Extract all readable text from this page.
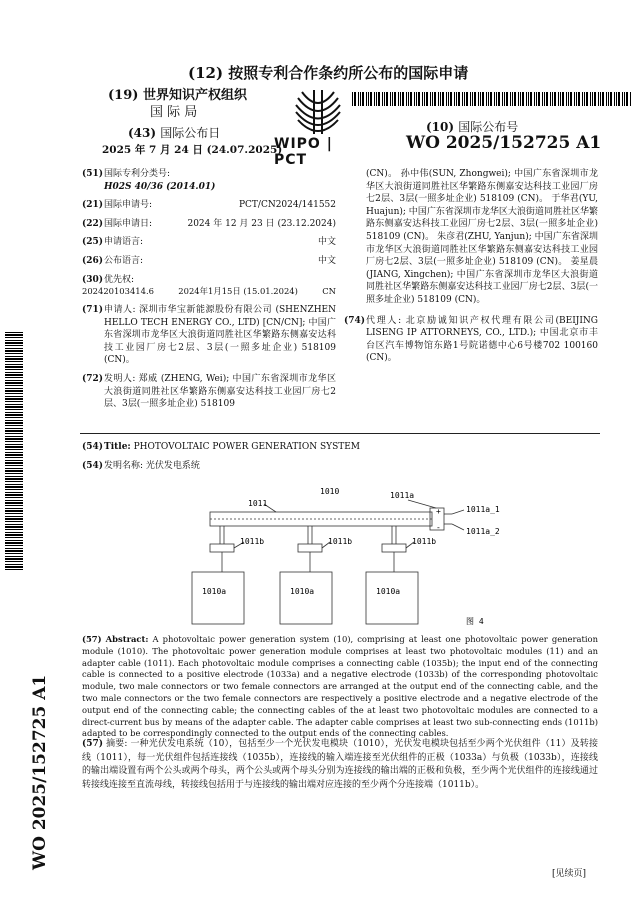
(12) 按照专利合作条约所公布的国际申请
(19) 世界知识产权组织
国 际 局
(43) 国际公布日
2025 年 7 月 24 日 (24.07.2025)
WIPO | PCT
(10) 国际公布号
WO 2025/152725 A1
(51)国际专利分类号:
H02S 40/36 (2014.01)
(21)国际申请号:	PCT/CN2024/141552
(22)国际申请日:	2024 年 12 月 23 日 (23.12.2024)
(25)申请语言:	中文
(26)公布语言:	中文
(30)优先权:
202420103414.6	2024年1月15日 (15.01.2024)	CN
(71) 申请人: 深圳市华宝新能源股份有限公司 (SHENZHEN HELLO TECH ENERGY CO., LTD) [CN/CN]; 中国广东省深圳市龙华区大浪街道同胜社区华繁路东侧嘉安达科技工业园厂房七2层、3层(一照多址企业) 518109 (CN)。
(72) 发明人: 郑威 (ZHENG, Wei); 中国广东省深圳市龙华区大浪街道同胜社区华繁路东侧嘉安达科技工业园厂房七2层、3层(一照多址企业) 518109
(CN)。 孙中伟(SUN, Zhongwei); 中国广东省深圳市龙华区大浪街道同胜社区华繁路东侧嘉安达科技工业园厂房七2层、3层(一照多址企业) 518109 (CN)。 于华君(YU, Huajun); 中国广东省深圳市龙华区大浪街道同胜社区华繁路东侧嘉安达科技工业园厂房七2层、3层(一照多址企业) 518109 (CN)。 朱彦君(ZHU, Yanjun); 中国广东省深圳市龙华区大浪街道同胜社区华繁路东侧嘉安达科技工业园厂房七2层、3层(一照多址企业) 518109 (CN)。 姜星晨(JIANG, Xingchen); 中国广东省深圳市龙华区大浪街道同胜社区华繁路东侧嘉安达科技工业园厂房七2层、3层(一照多址企业) 518109 (CN)。
(74) 代理人: 北京励诚知识产权代理有限公司(BEIJING LISENG IP ATTORNEYS, CO., LTD.); 中国北京市丰台区汽车博物馆东路1号院诺德中心6号楼702 100160 (CN)。
(54)Title: PHOTOVOLTAIC POWER GENERATION SYSTEM
(54)发明名称: 光伏发电系统
1010
1011
1011a
1011a_1
1011a_2
+
-
1011b	1011b	1011b
1010a	1010a	1010a
图 4
(57) Abstract: A photovoltaic power generation system (10), comprising at least one photovoltaic power generation module (1010). The photovoltaic power generation module comprises at least two photovoltaic modules (11) and an adapter cable (1011). Each photovoltaic module comprises a connecting cable (1035b); the input end of the connecting cable is connected to a positive electrode (1033a) and a negative electrode (1033b) of the corresponding photovoltaic module, two male connectors or two female connectors are arranged at the output end of the connecting cable, and the two male connectors or the two female connectors are respectively a positive electrode and a negative electrode of the output end of the connecting cable; the connecting cables of the at least two photovoltaic modules are connected to a direct-current bus by means of the adapter cable. The adapter cable comprises at least two sub-connecting ends (1011b) adapted to be correspondingly connected to the output ends of the connecting cables.
(57) 摘要: 一种光伏发电系统（10），包括至少一个光伏发电模块（1010），光伏发电模块包括至少两个光伏组件（11）及转接线（1011），每一光伏组件包括连接线（1035b），连接线的输入端连接至光伏组件的正极（1033a）与负极（1033b），连接线的输出端设置有两个公头或两个母头，两个公头或两个母头分别为连接线的输出端的正极和负极，至少两个光伏组件的连接线通过转接线连接至直流母线，转接线包括用于与连接线的输出端对应连接的至少两个分连接端（1011b）。
WO 2025/152725 A1
[见续页]
